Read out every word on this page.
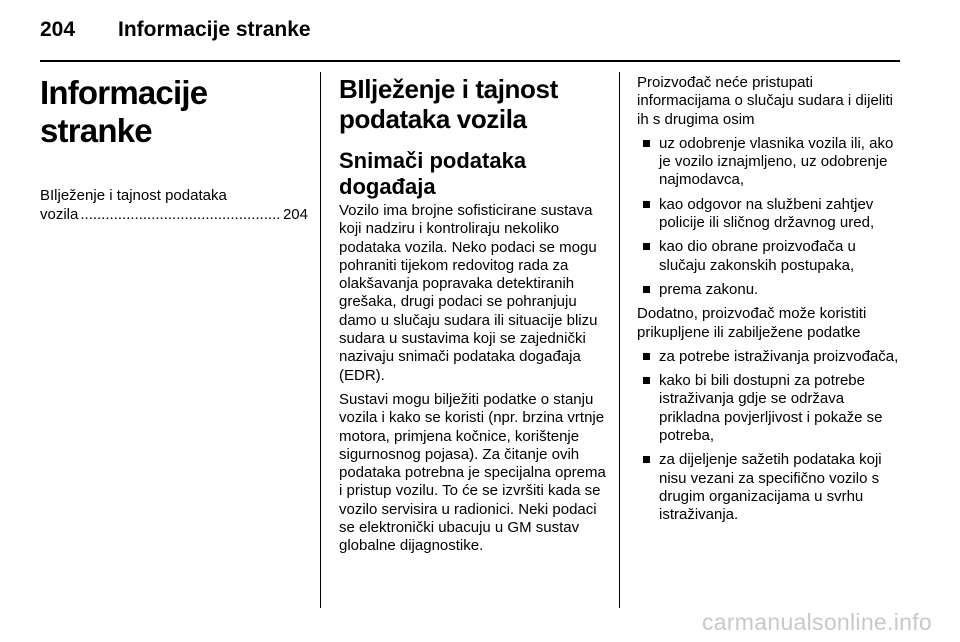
204 Informacije stranke
Informacije stranke
BIlježenje i tajnost podataka
vozila
.....	204
BIlježenje i tajnost
podataka vozila
Snimači podataka
događaja

Vozilo ima brojne sofisticirane sustava koji nadziru i kontroliraju nekoliko podataka vozila. Neko podaci se mogu pohraniti tijekom redovitog rada za olakšavanja popravaka detektiranih grešaka, drugi podaci se pohranjuju damo u slučaju sudara ili situacije blizu sudara u sustavima koji se zajednički nazivaju snimači podataka događaja (EDR).

Sustavi mogu bilježiti podatke o stanju vozila i kako se koristi (npr. brzina vrtnje motora, primjena kočnice, korištenje sigurnosnog pojasa). Za čitanje ovih podataka potrebna je specijalna oprema i pristup vozilu. To će se izvršiti kada se vozilo servisira u radionici. Neki podaci se elektronički ubacuju u GM sustav globalne dijagnostike.

Proizvođač neće pristupati informacijama o slučaju sudara i dijeliti ih s drugima osim

uz odobrenje vlasnika vozila ili, ako je vozilo iznajmljeno, uz odobrenje najmodavca,
kao odgovor na službeni zahtjev policije ili sličnog državnog ured,
kao dio obrane proizvođača u slučaju zakonskih postupaka,
prema zakonu.

Dodatno, proizvođač može koristiti prikupljene ili zabilježene podatke

za potrebe istraživanja proizvođača,
kako bi bili dostupni za potrebe istraživanja gdje se održava prikladna povjerljivost i pokaže se potreba,
za dijeljenje sažetih podataka koji nisu vezani za specifično vozilo s drugim organizacijama u svrhu istraživanja.
carmanualsonline.info
